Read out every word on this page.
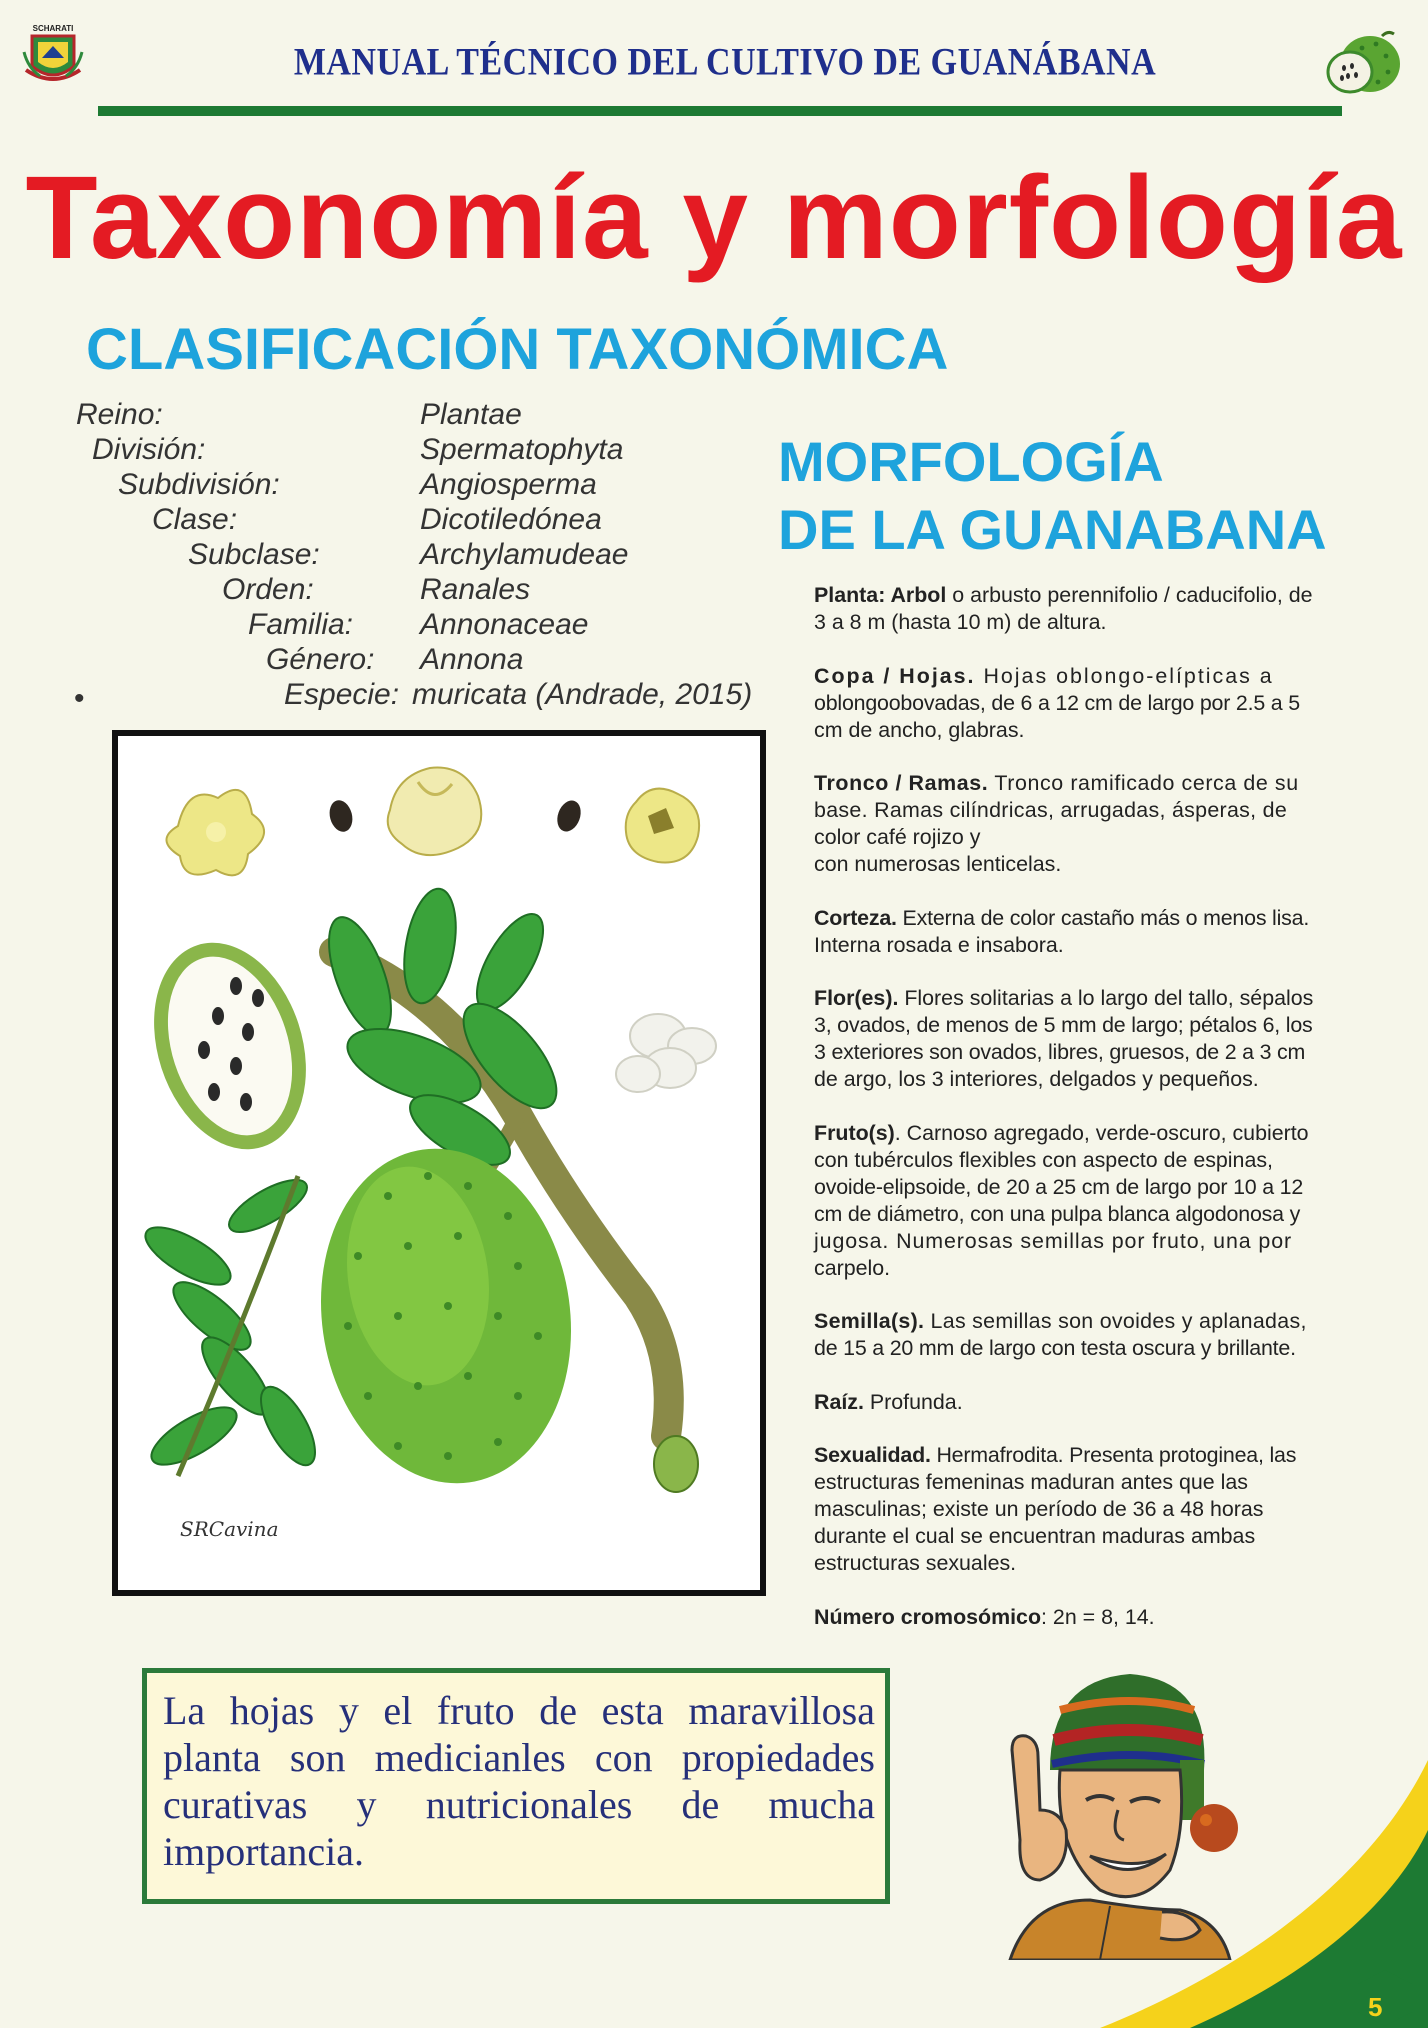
SCHARATI
MANUAL TÉCNICO DEL CULTIVO DE GUANÁBANA
Taxonomía y morfología
CLASIFICACIÓN TAXONÓMICA
Reino:	Plantae
División:	Spermatophyta
Subdivisión:	Angiosperma
Clase:	Dicotiledónea
Subclase:	Archylamudeae
Orden:	Ranales
Familia: Annonaceae
Género: Annona
•	Especie: muricata (Andrade, 2015)
MORFOLOGÍA
DE LA GUANABANA
Planta: Arbol o arbusto perennifolio / caducifolio, de
3 a 8 m (hasta 10 m) de altura.
Copa / Hojas. Hojas oblongo-elípticas a
oblongoobovadas, de 6 a 12 cm de largo por 2.5 a 5
cm de ancho, glabras.
Tronco / Ramas. Tronco ramificado cerca de su
base. Ramas cilíndricas, arrugadas, ásperas, de
color café rojizo y
con numerosas lenticelas.
Corteza. Externa de color castaño más o menos lisa.
Interna rosada e insabora.
Flor(es). Flores solitarias a lo largo del tallo, sépalos
3, ovados, de menos de 5 mm de largo; pétalos 6, los
3 exteriores son ovados, libres, gruesos, de 2 a 3 cm
de argo, los 3 interiores, delgados y pequeños.
Fruto(s). Carnoso agregado, verde-oscuro, cubierto
con tubérculos flexibles con aspecto de espinas,
ovoide-elipsoide, de 20 a 25 cm de largo por 10 a 12
cm de diámetro, con una pulpa blanca algodonosa y
jugosa. Numerosas semillas por fruto, una por
carpelo.
Semilla(s). Las semillas son ovoides y aplanadas,
de 15 a 20 mm de largo con testa oscura y brillante.
Raíz. Profunda.
Sexualidad. Hermafrodita. Presenta protoginea, las
estructuras femeninas maduran antes que las
masculinas; existe un período de 36 a 48 horas
durante el cual se encuentran maduras ambas
estructuras sexuales.
Número cromosómico: 2n = 8, 14.
SRCavina
La hojas y el fruto de esta maravillosa
planta son medicianles con propiedades
curativas y nutricionales de mucha
importancia.
5
